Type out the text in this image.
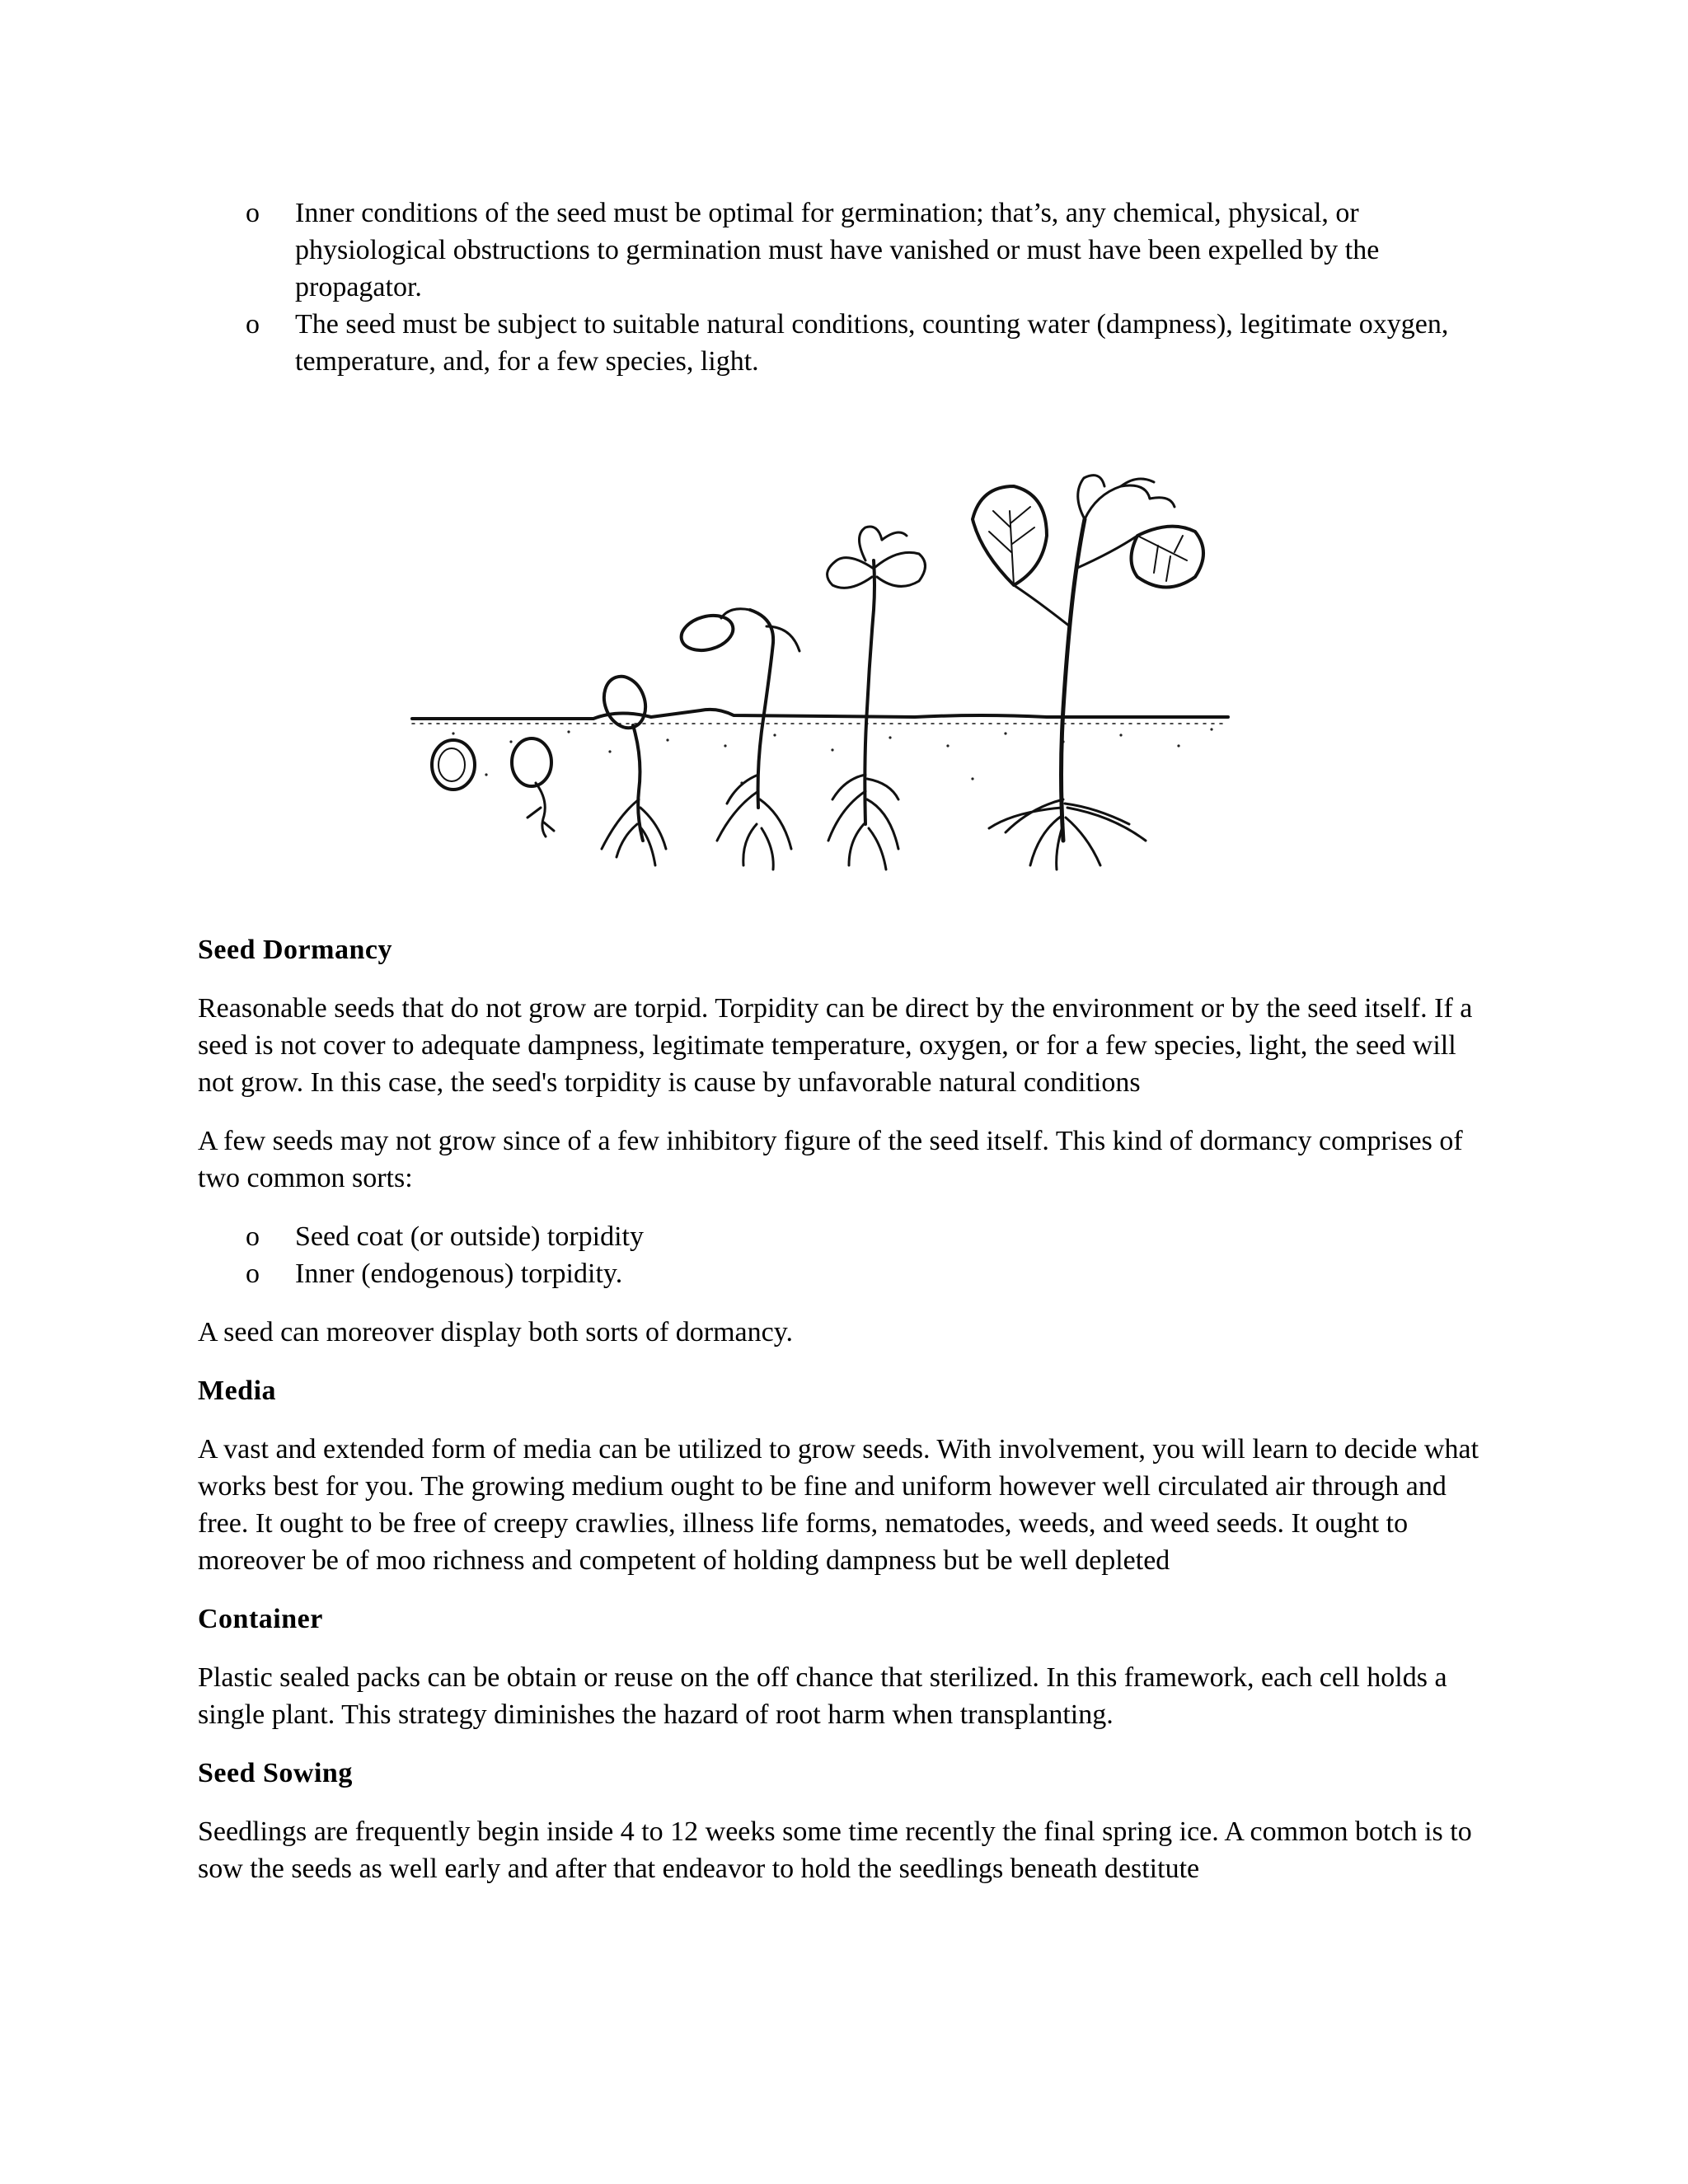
o Inner conditions of the seed must be optimal for germination; that’s, any chemical, physical, or physiological obstructions to germination must have vanished or must have been expelled by the propagator.
o The seed must be subject to suitable natural conditions, counting water (dampness), legitimate oxygen, temperature, and, for a few species, light.
Seed Dormancy

Reasonable seeds that do not grow are torpid. Torpidity can be direct by the environment or by the seed itself. If a seed is not cover to adequate dampness, legitimate temperature, oxygen, or for a few species, light, the seed will not grow. In this case, the seed's torpidity is cause by unfavorable natural conditions

A few seeds may not grow since of a few inhibitory figure of the seed itself. This kind of dormancy comprises of two common sorts:

o Seed coat (or outside) torpidity
o Inner (endogenous) torpidity.

A seed can moreover display both sorts of dormancy.

Media

A vast and extended form of media can be utilized to grow seeds. With involvement, you will learn to decide what works best for you. The growing medium ought to be fine and uniform however well circulated air through and free. It ought to be free of creepy crawlies, illness life forms, nematodes, weeds, and weed seeds. It ought to moreover be of moo richness and competent of holding dampness but be well depleted

Container

Plastic sealed packs can be obtain or reuse on the off chance that sterilized. In this framework, each cell holds a single plant. This strategy diminishes the hazard of root harm when transplanting.

Seed Sowing

Seedlings are frequently begin inside 4 to 12 weeks some time recently the final spring ice. A common botch is to sow the seeds as well early and after that endeavor to hold the seedlings beneath destitute
